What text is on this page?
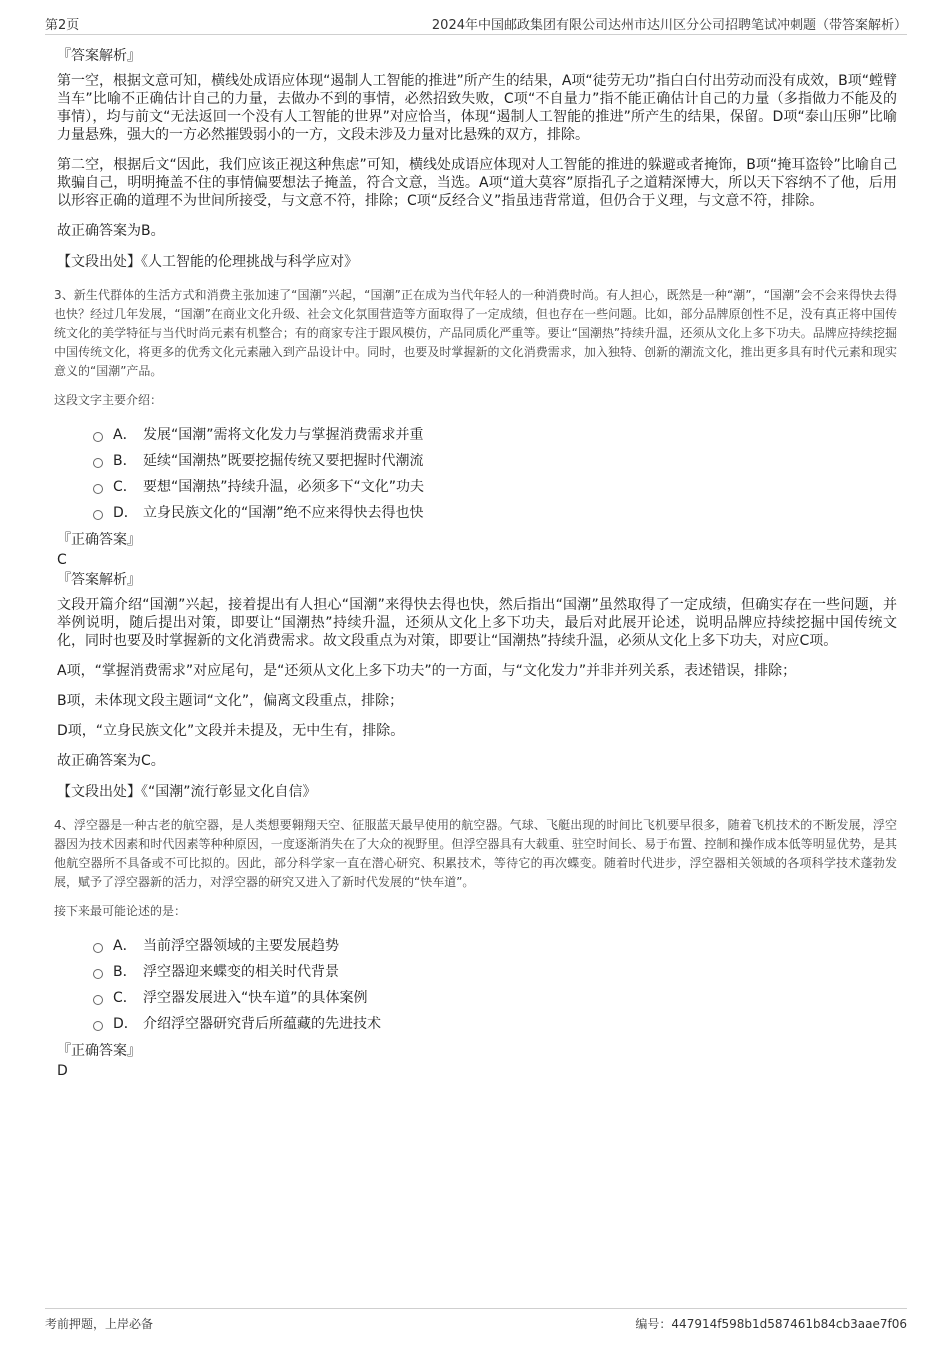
第2页	2024年中国邮政集团有限公司达州市达川区分公司招聘笔试冲刺题（带答案解析）

『答案解析』

第一空，根据文意可知，横线处成语应体现“遏制人工智能的推进”所产生的结果，A项“徒劳无功”指白白付出劳动而没有成效，B项“螳臂当车”比喻不正确估计自己的力量，去做办不到的事情，必然招致失败，C项“不自量力”指不能正确估计自己的力量（多指做力不能及的事情），均与前文“无法返回一个没有人工智能的世界”对应恰当，体现“遏制人工智能的推进”所产生的结果，保留。D项“泰山压卵”比喻力量悬殊，强大的一方必然摧毁弱小的一方，文段未涉及力量对比悬殊的双方，排除。

第二空，根据后文“因此，我们应该正视这种焦虑”可知，横线处成语应体现对人工智能的推进的躲避或者掩饰，B项“掩耳盗铃”比喻自己欺骗自己，明明掩盖不住的事情偏要想法子掩盖，符合文意，当选。A项“道大莫容”原指孔子之道精深博大，所以天下容纳不了他，后用以形容正确的道理不为世间所接受，与文意不符，排除；C项“反经合义”指虽违背常道，但仍合于义理，与文意不符，排除。

故正确答案为B。

【文段出处】《人工智能的伦理挑战与科学应对》

3、新生代群体的生活方式和消费主张加速了“国潮”兴起，“国潮”正在成为当代年轻人的一种消费时尚。有人担心，既然是一种“潮”，“国潮”会不会来得快去得也快？经过几年发展，“国潮”在商业文化升级、社会文化氛围营造等方面取得了一定成绩，但也存在一些问题。比如，部分品牌原创性不足，没有真正将中国传统文化的美学特征与当代时尚元素有机整合；有的商家专注于跟风模仿，产品同质化严重等。要让“国潮热”持续升温，还须从文化上多下功夫。品牌应持续挖掘中国传统文化，将更多的优秀文化元素融入到产品设计中。同时，也要及时掌握新的文化消费需求，加入独特、创新的潮流文化，推出更多具有时代元素和现实意义的“国潮”产品。

这段文字主要介绍：

A． 发展“国潮”需将文化发力与掌握消费需求并重
B． 延续“国潮热”既要挖掘传统又要把握时代潮流
C． 要想“国潮热”持续升温，必须多下“文化”功夫
D． 立身民族文化的“国潮”绝不应来得快去得也快

『正确答案』

C

『答案解析』

文段开篇介绍“国潮”兴起，接着提出有人担心“国潮”来得快去得也快，然后指出“国潮”虽然取得了一定成绩，但确实存在一些问题，并举例说明，随后提出对策，即要让“国潮热”持续升温，还须从文化上多下功夫，最后对此展开论述，说明品牌应持续挖掘中国传统文化，同时也要及时掌握新的文化消费需求。故文段重点为对策，即要让“国潮热”持续升温，必须从文化上多下功夫，对应C项。

A项，“掌握消费需求”对应尾句，是“还须从文化上多下功夫”的一方面，与“文化发力”并非并列关系，表述错误，排除；

B项，未体现文段主题词“文化”，偏离文段重点，排除；

D项，“立身民族文化”文段并未提及，无中生有，排除。

故正确答案为C。

【文段出处】《“国潮”流行彰显文化自信》

4、浮空器是一种古老的航空器，是人类想要翱翔天空、征服蓝天最早使用的航空器。气球、飞艇出现的时间比飞机要早很多，随着飞机技术的不断发展，浮空器因为技术因素和时代因素等种种原因，一度逐渐消失在了大众的视野里。但浮空器具有大载重、驻空时间长、易于布置、控制和操作成本低等明显优势，是其他航空器所不具备或不可比拟的。因此，部分科学家一直在潜心研究、积累技术，等待它的再次蝶变。随着时代进步，浮空器相关领域的各项科学技术蓬勃发展，赋予了浮空器新的活力，对浮空器的研究又进入了新时代发展的“快车道”。

接下来最可能论述的是：

A． 当前浮空器领域的主要发展趋势
B． 浮空器迎来蝶变的相关时代背景
C． 浮空器发展进入“快车道”的具体案例
D． 介绍浮空器研究背后所蕴藏的先进技术

『正确答案』

D

考前押题，上岸必备	编号：447914f598b1d587461b84cb3aae7f06
